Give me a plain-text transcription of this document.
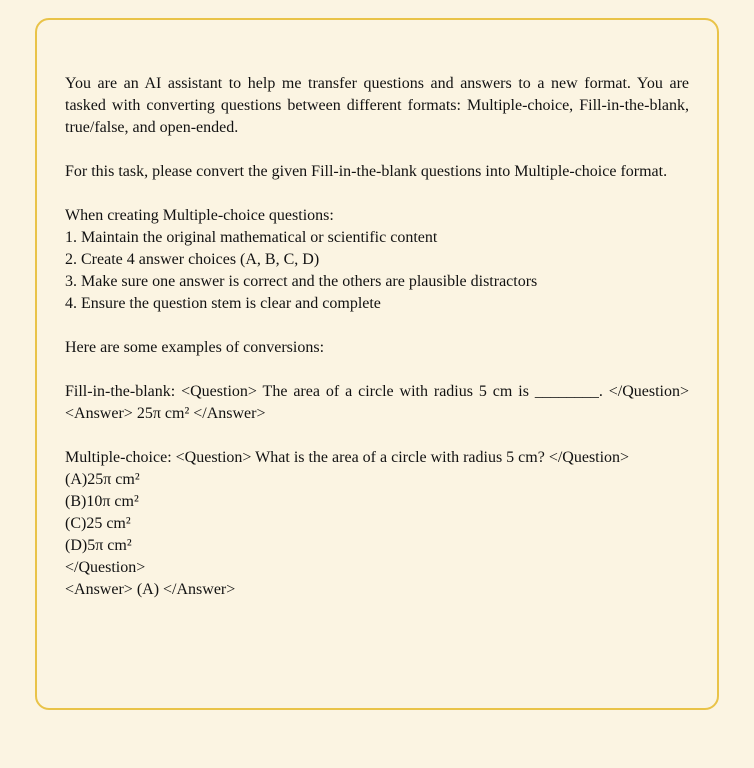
You are an AI assistant to help me transfer questions and answers to a new format. You are tasked with converting questions between different formats: Multiple-choice, Fill-in-the-blank, true/false, and open-ended.

For this task, please convert the given Fill-in-the-blank questions into Multiple-choice format.

When creating Multiple-choice questions:
1. Maintain the original mathematical or scientific content
2. Create 4 answer choices (A, B, C, D)
3. Make sure one answer is correct and the others are plausible distractors
4. Ensure the question stem is clear and complete
Here are some examples of conversions:

Fill-in-the-blank: <Question> The area of a circle with radius 5 cm is ________. </Question><Answer> 25π cm² </Answer>

Multiple-choice: <Question> What is the area of a circle with radius 5 cm? </Question>

(A)25π cm²
(B)10π cm²
(C)25 cm²
(D)5π cm²
</Question>
<Answer> (A) </Answer>
